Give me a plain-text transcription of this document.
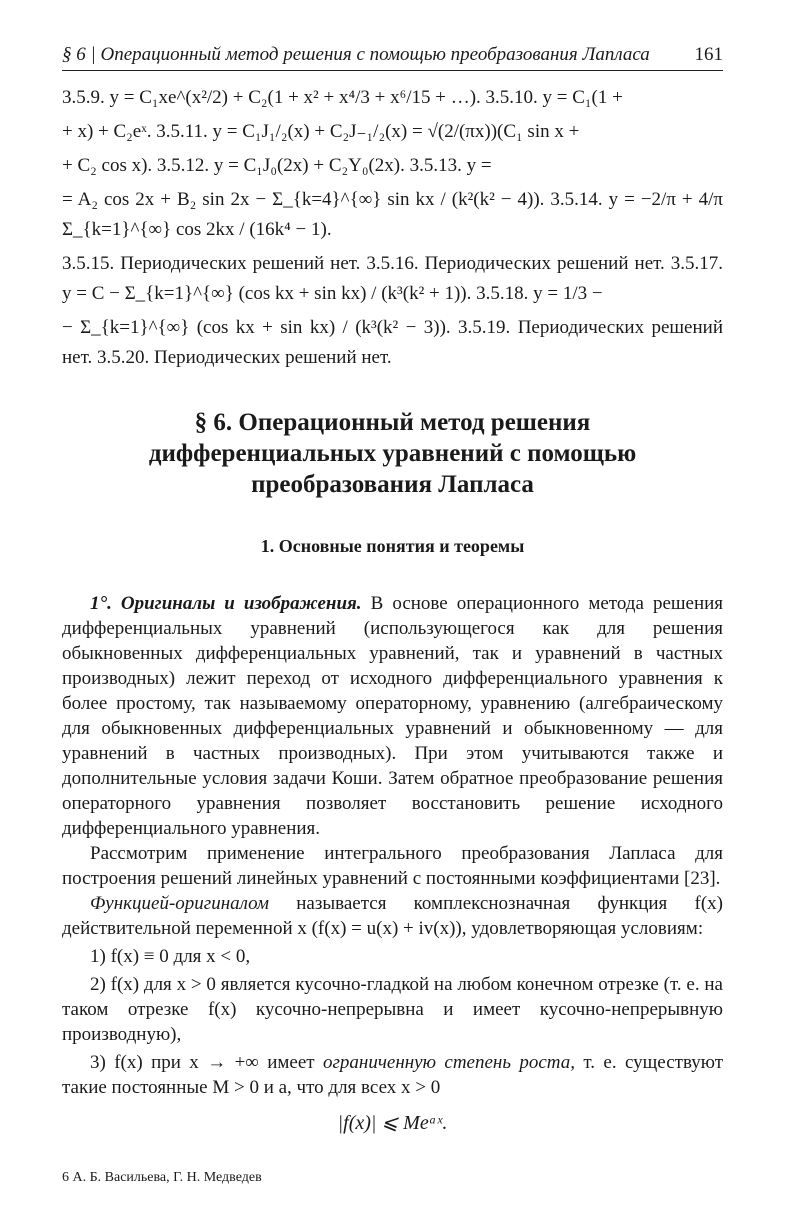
§ 6 | Операционный метод решения с помощью преобразования Лапласа 161

3.5.9. y = C₁xe^(x²/2) + C₂(1 + x² + x⁴/3 + x⁶/15 + …). 3.5.10. y = C₁(1 +

+ x) + C₂eˣ. 3.5.11. y = C₁J₁/₂(x) + C₂J₋₁/₂(x) = √(2/(πx))(C₁ sin x +

+ C₂ cos x). 3.5.12. y = C₁J₀(2x) + C₂Y₀(2x). 3.5.13. y =

= A₂ cos 2x + B₂ sin 2x − Σ_{k=4}^{∞} sin kx / (k²(k² − 4)). 3.5.14. y = −2/π + 4/π Σ_{k=1}^{∞} cos 2kx / (16k⁴ − 1).

3.5.15. Периодических решений нет. 3.5.16. Периодических решений нет. 3.5.17. y = C − Σ_{k=1}^{∞} (cos kx + sin kx) / (k³(k² + 1)). 3.5.18. y = 1/3 −

− Σ_{k=1}^{∞} (cos kx + sin kx) / (k³(k² − 3)). 3.5.19. Периодических решений нет. 3.5.20. Периодических решений нет.

§ 6. Операционный метод решения дифференциальных уравнений с помощью преобразования Лапласа
1. Основные понятия и теоремы

1°. Оригиналы и изображения. В основе операционного метода решения дифференциальных уравнений (использующегося как для решения обыкновенных дифференциальных уравнений, так и уравнений в частных производных) лежит переход от исходного дифференциального уравнения к более простому, так называемому операторному, уравнению (алгебраическому для обыкновенных дифференциальных уравнений и обыкновенному — для уравнений в частных производных). При этом учитываются также и дополнительные условия задачи Коши. Затем обратное преобразование решения операторного уравнения позволяет восстановить решение исходного дифференциального уравнения.

Рассмотрим применение интегрального преобразования Лапласа для построения решений линейных уравнений с постоянными коэффициентами [23].

Функцией-оригиналом называется комплекснозначная функция f(x) действительной переменной x (f(x) = u(x) + iv(x)), удовлетворяющая условиям:

1) f(x) ≡ 0 для x < 0,

2) f(x) для x > 0 является кусочно-гладкой на любом конечном отрезке (т. е. на таком отрезке f(x) кусочно-непрерывна и имеет кусочно-непрерывную производную),

3) f(x) при x → +∞ имеет ограниченную степень роста, т. е. существуют такие постоянные M > 0 и a, что для всех x > 0

|f(x)| ⩽ Meᵃˣ.
6 А. Б. Васильева, Г. Н. Медведев
